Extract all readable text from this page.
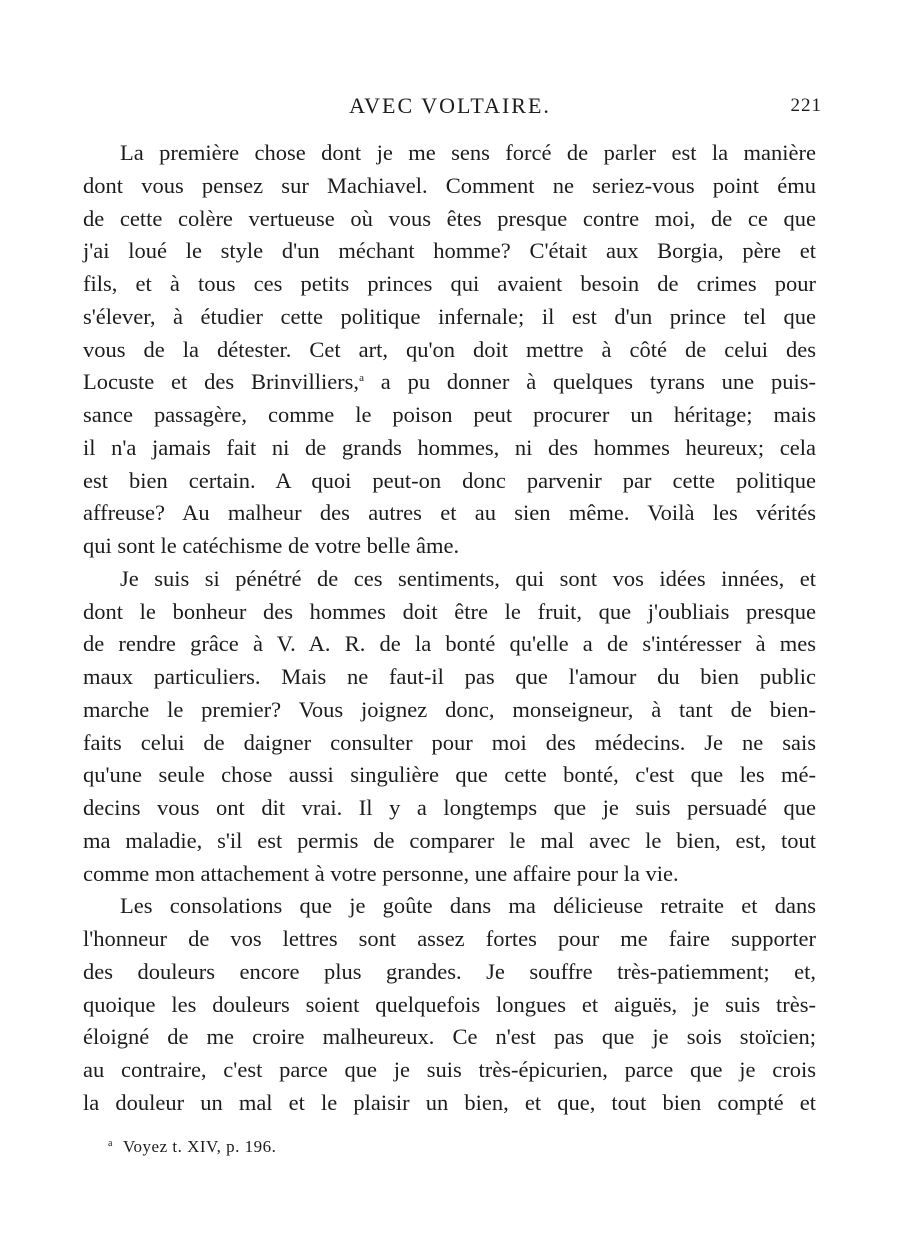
AVEC VOLTAIRE.	221
La première chose dont je me sens forcé de parler est la manière
dont vous pensez sur Machiavel. Comment ne seriez-vous point ému
de cette colère vertueuse où vous êtes presque contre moi, de ce que
j'ai loué le style d'un méchant homme? C'était aux Borgia, père et
fils, et à tous ces petits princes qui avaient besoin de crimes pour
s'élever, à étudier cette politique infernale; il est d'un prince tel que
vous de la détester. Cet art, qu'on doit mettre à côté de celui des
Locuste et des Brinvilliers,$^a$ a pu donner à quelques tyrans une puis-
sance passagère, comme le poison peut procurer un héritage; mais
il n'a jamais fait ni de grands hommes, ni des hommes heureux; cela
est bien certain. A quoi peut-on donc parvenir par cette politique
affreuse? Au malheur des autres et au sien même. Voilà les vérités
qui sont le catéchisme de votre belle âme.
Je suis si pénétré de ces sentiments, qui sont vos idées innées, et
dont le bonheur des hommes doit être le fruit, que j'oubliais presque
de rendre grâce à V. A. R. de la bonté qu'elle a de s'intéresser à mes
maux particuliers. Mais ne faut-il pas que l'amour du bien public
marche le premier? Vous joignez donc, monseigneur, à tant de bien-
faits celui de daigner consulter pour moi des médecins. Je ne sais
qu'une seule chose aussi singulière que cette bonté, c'est que les mé-
decins vous ont dit vrai. Il y a longtemps que je suis persuadé que
ma maladie, s'il est permis de comparer le mal avec le bien, est, tout
comme mon attachement à votre personne, une affaire pour la vie.
Les consolations que je goûte dans ma délicieuse retraite et dans
l'honneur de vos lettres sont assez fortes pour me faire supporter
des douleurs encore plus grandes. Je souffre très-patiemment; et,
quoique les douleurs soient quelquefois longues et aiguës, je suis très-
éloigné de me croire malheureux. Ce n'est pas que je sois stoïcien;
au contraire, c'est parce que je suis très-épicurien, parce que je crois
la douleur un mal et le plaisir un bien, et que, tout bien compté et
$^a$ Voyez t. XIV, p. 196.
